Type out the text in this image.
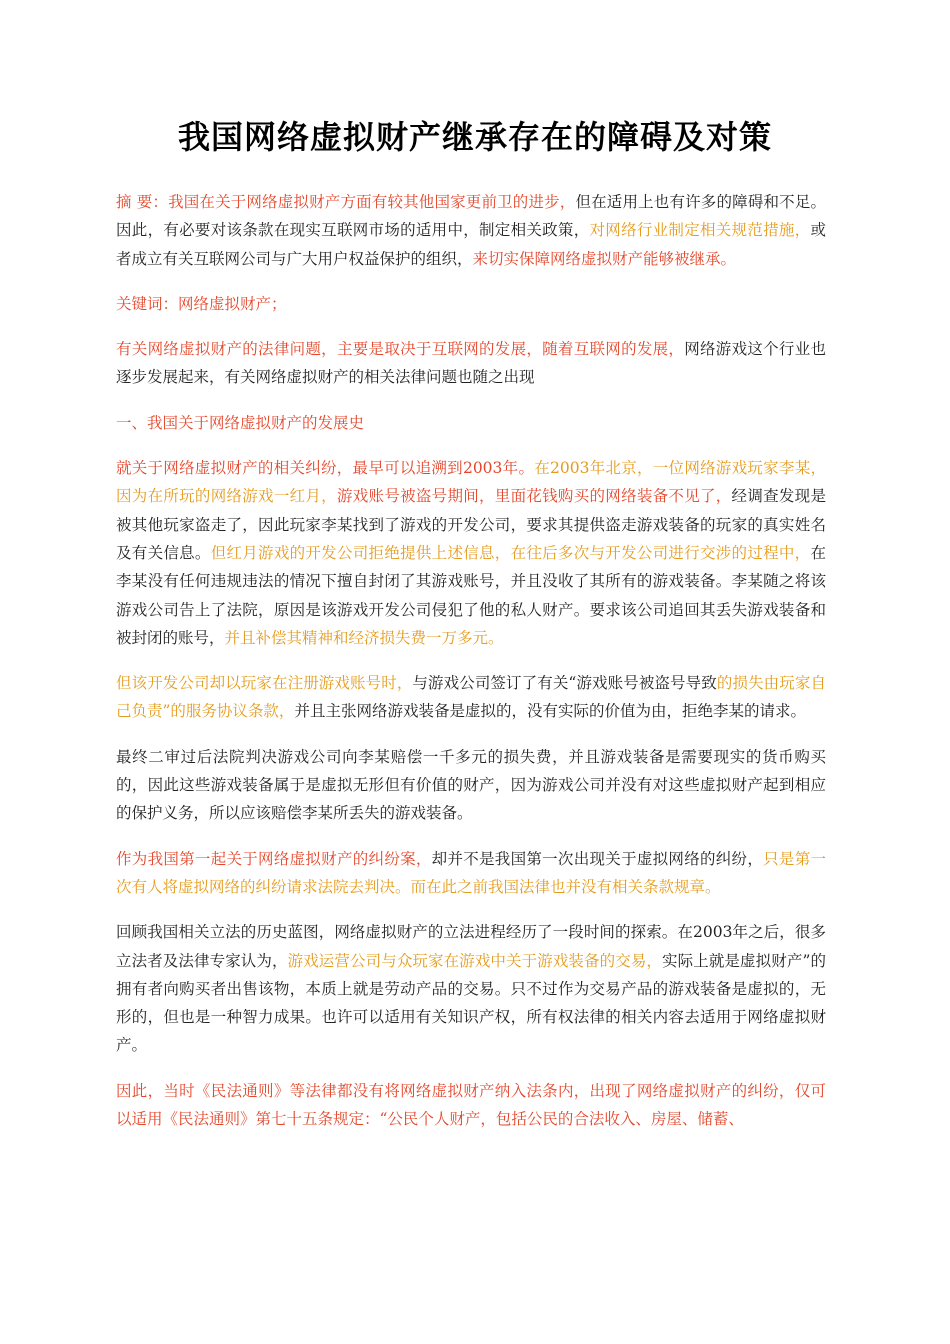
我国网络虚拟财产继承存在的障碍及对策

摘 要：我国在关于网络虚拟财产方面有较其他国家更前卫的进步，但在适用上也有许多的障碍和不足。因此，有必要对该条款在现实互联网市场的适用中，制定相关政策，对网络行业制定相关规范措施，或者成立有关互联网公司与广大用户权益保护的组织，来切实保障网络虚拟财产能够被继承。

关键词：网络虚拟财产；

有关网络虚拟财产的法律问题，主要是取决于互联网的发展，随着互联网的发展，网络游戏这个行业也逐步发展起来，有关网络虚拟财产的相关法律问题也随之出现

一、我国关于网络虚拟财产的发展史

就关于网络虚拟财产的相关纠纷，最早可以追溯到2003年。在2003年北京，一位网络游戏玩家李某，因为在所玩的网络游戏一红月，游戏账号被盗号期间，里面花钱购买的网络装备不见了，经调查发现是被其他玩家盗走了，因此玩家李某找到了游戏的开发公司，要求其提供盗走游戏装备的玩家的真实姓名及有关信息。但红月游戏的开发公司拒绝提供上述信息，在往后多次与开发公司进行交涉的过程中，在李某没有任何违规违法的情况下擅自封闭了其游戏账号，并且没收了其所有的游戏装备。李某随之将该游戏公司告上了法院，原因是该游戏开发公司侵犯了他的私人财产。要求该公司追回其丢失游戏装备和被封闭的账号，并且补偿其精神和经济损失费一万多元。

但该开发公司却以玩家在注册游戏账号时，与游戏公司签订了有关“游戏账号被盗号导致的损失由玩家自己负责”的服务协议条款，并且主张网络游戏装备是虚拟的，没有实际的价值为由，拒绝李某的请求。

最终二审过后法院判决游戏公司向李某赔偿一千多元的损失费，并且游戏装备是需要现实的货币购买的，因此这些游戏装备属于是虚拟无形但有价值的财产，因为游戏公司并没有对这些虚拟财产起到相应的保护义务，所以应该赔偿李某所丢失的游戏装备。

作为我国第一起关于网络虚拟财产的纠纷案，却并不是我国第一次出现关于虚拟网络的纠纷，只是第一次有人将虚拟网络的纠纷请求法院去判决。而在此之前我国法律也并没有相关条款规章。

回顾我国相关立法的历史蓝图，网络虚拟财产的立法进程经历了一段时间的探索。在2003年之后，很多立法者及法律专家认为，游戏运营公司与众玩家在游戏中关于游戏装备的交易，实际上就是虚拟财产”的拥有者向购买者出售该物，本质上就是劳动产品的交易。只不过作为交易产品的游戏装备是虚拟的，无形的，但也是一种智力成果。也许可以适用有关知识产权，所有权法律的相关内容去适用于网络虚拟财产。

因此，当时《民法通则》等法律都没有将网络虚拟财产纳入法条内，出现了网络虚拟财产的纠纷，仅可以适用《民法通则》第七十五条规定：“公民个人财产，包括公民的合法收入、房屋、储蓄、
